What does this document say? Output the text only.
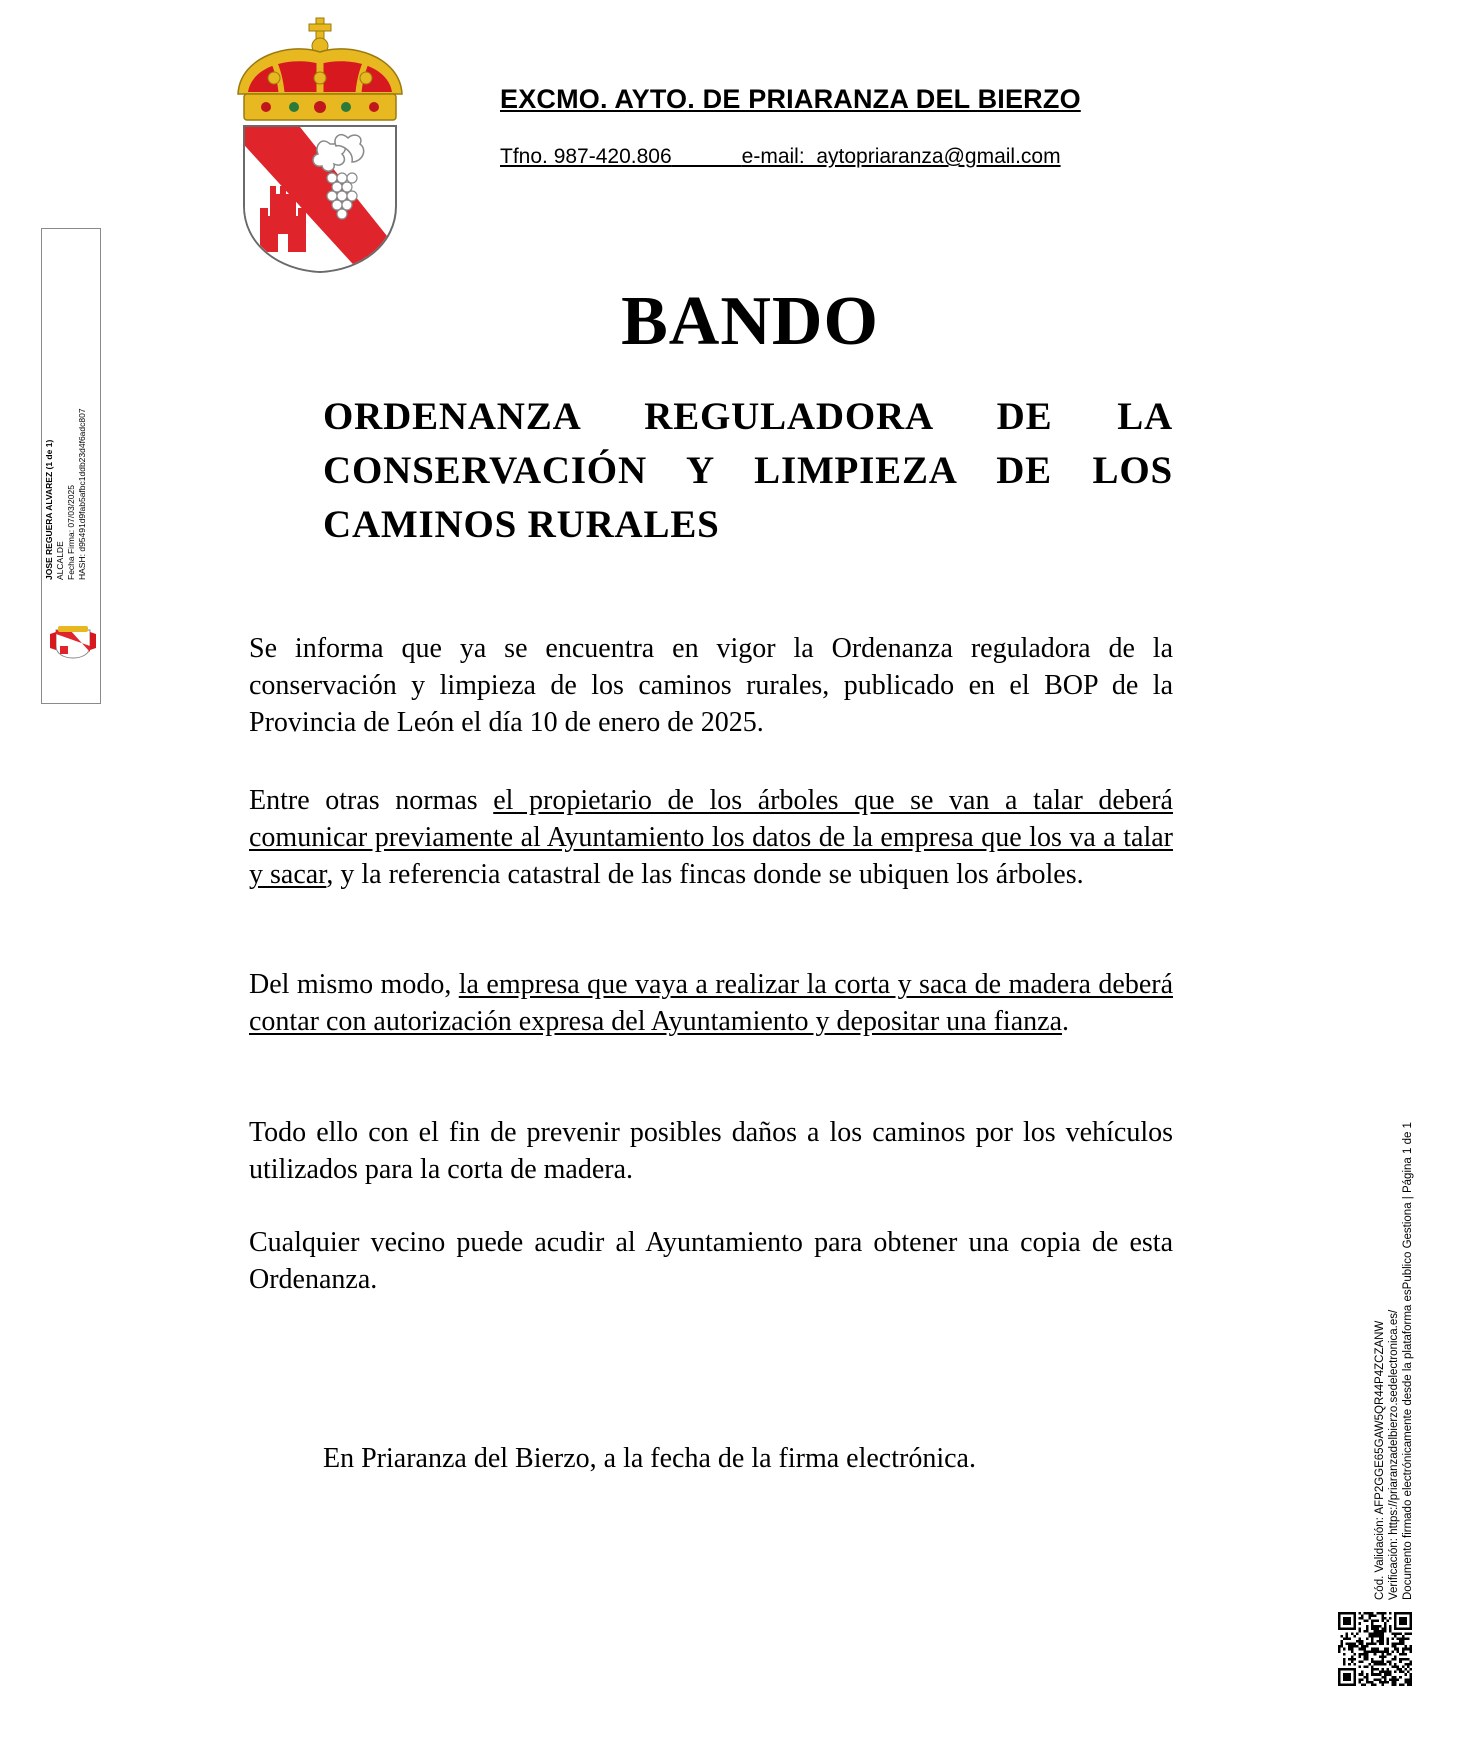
EXCMO. AYTO. DE PRIARANZA DEL BIERZO
Tfno. 987-420.806	e-mail:  aytopriaranza@gmail.com
BANDO
ORDENANZA REGULADORA DE LA CONSERVACIÓN Y LIMPIEZA DE LOS CAMINOS RURALES
Se informa que ya se encuentra en vigor la Ordenanza reguladora de la conservación y limpieza de los caminos rurales, publicado en el BOP de la Provincia de León el día 10 de enero de 2025.
Entre otras normas el propietario de los árboles que se van a talar deberá comunicar previamente al Ayuntamiento los datos de la empresa que los va a talar y sacar, y la referencia catastral de las fincas donde se ubiquen los árboles.
Del mismo modo, la empresa que vaya a realizar la corta y saca de madera deberá contar con autorización expresa del Ayuntamiento y depositar una fianza.
Todo ello con el fin de prevenir posibles daños a los caminos por los vehículos utilizados para la corta de madera.
Cualquier vecino puede acudir al Ayuntamiento para obtener una copia de esta Ordenanza.
En Priaranza del Bierzo, a la fecha de la firma electrónica.
JOSE REGUERA ALVAREZ (1 de 1) ALCALDE Fecha Firma: 07/03/2025 HASH: d95491d9fab5afbc1ddb23d4f6adc807
Cód. Validación: AFP2GGE65GAW5QR44P4ZCZANW Verificación: https://priaranzadelbierzo.sedelectronica.es/ Documento firmado electrónicamente desde la plataforma esPublico Gestiona | Página 1 de 1
